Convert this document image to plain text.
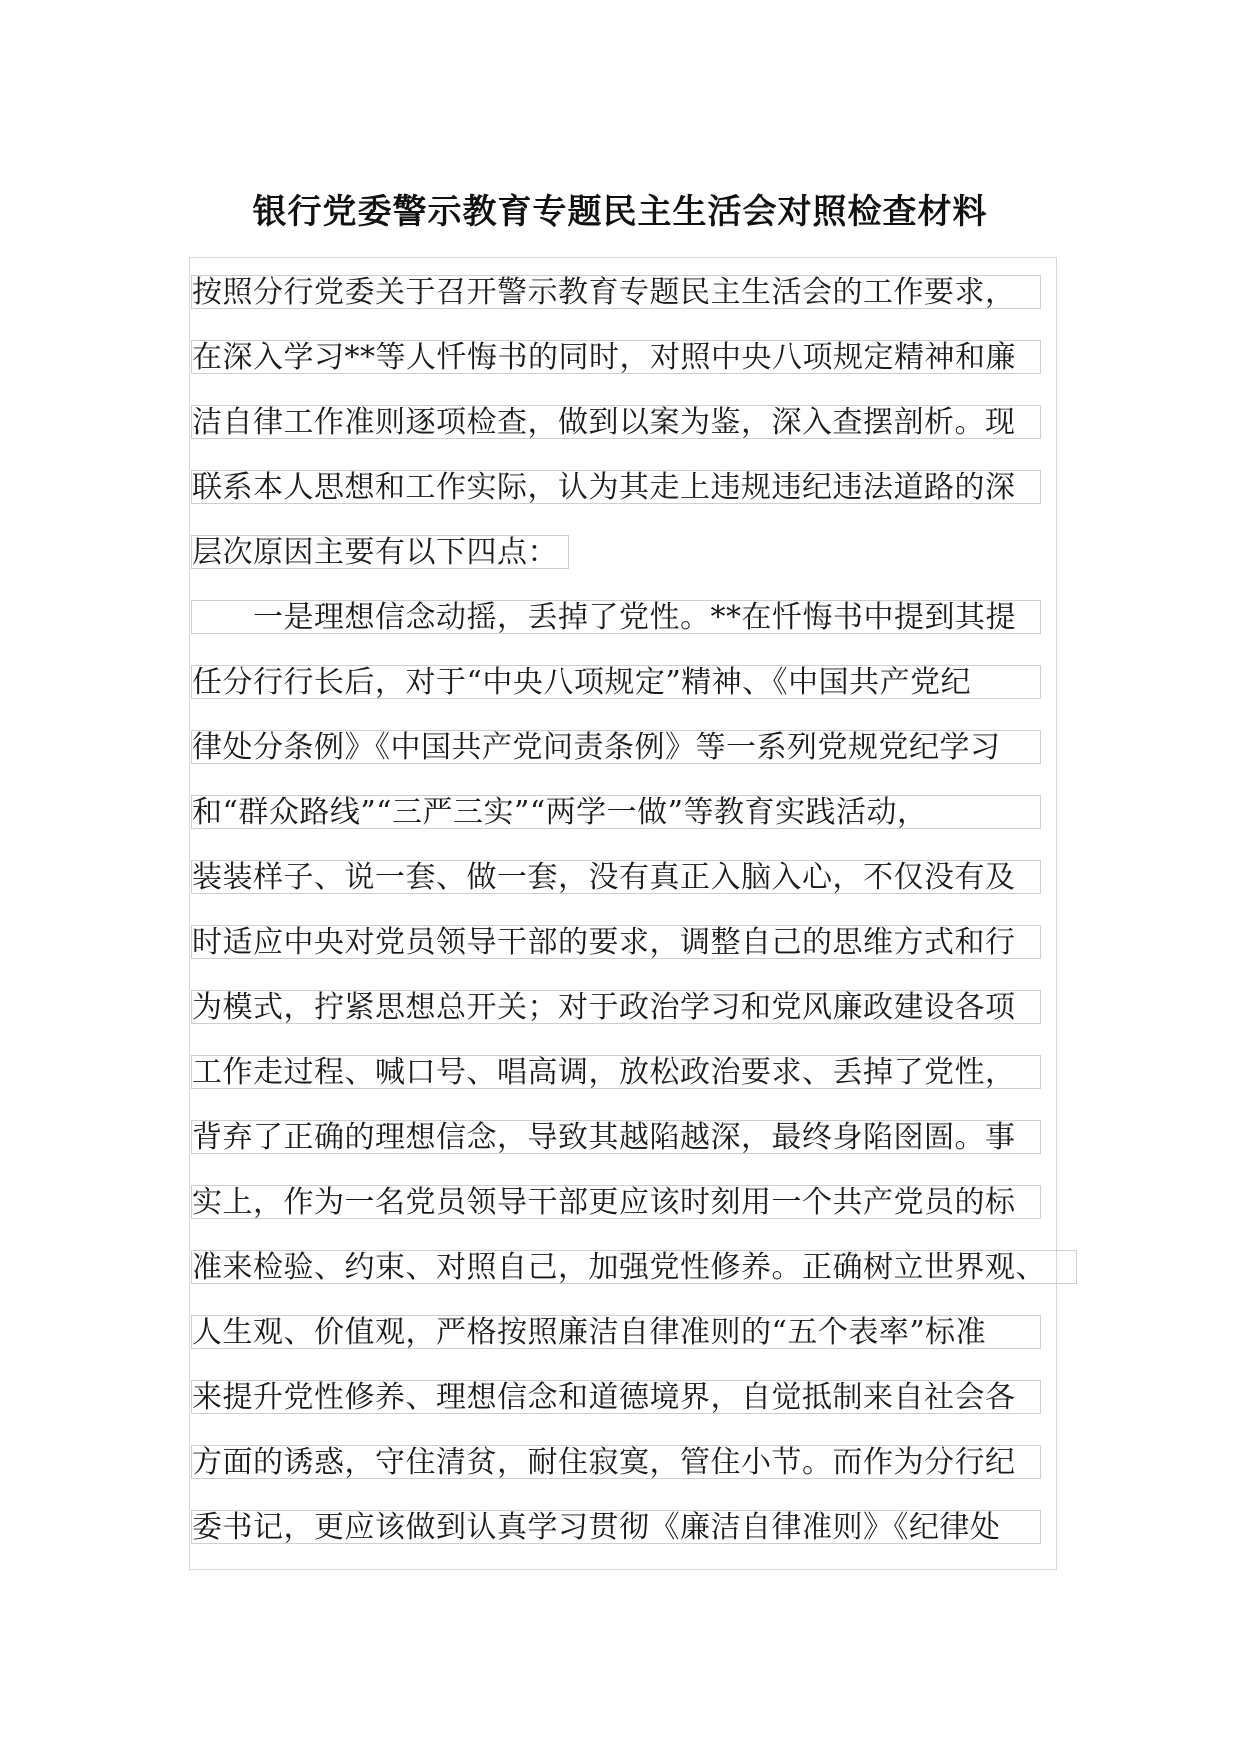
银行党委警示教育专题民主生活会对照检查材料
按照分行党委关于召开警示教育专题民主生活会的工作要求，
在深入学习**等人忏悔书的同时，对照中央八项规定精神和廉
洁自律工作准则逐项检查，做到以案为鉴，深入查摆剖析。现
联系本人思想和工作实际，认为其走上违规违纪违法道路的深
层次原因主要有以下四点：
　　一是理想信念动摇，丢掉了党性。**在忏悔书中提到其提
任分行行长后，对于“中央八项规定”精神、《中国共产党纪
律处分条例》《中国共产党问责条例》等一系列党规党纪学习
和“群众路线”“三严三实”“两学一做”等教育实践活动，
装装样子、说一套、做一套，没有真正入脑入心，不仅没有及
时适应中央对党员领导干部的要求，调整自己的思维方式和行
为模式，拧紧思想总开关；对于政治学习和党风廉政建设各项
工作走过程、喊口号、唱高调，放松政治要求、丢掉了党性，
背弃了正确的理想信念，导致其越陷越深，最终身陷囹圄。事
实上，作为一名党员领导干部更应该时刻用一个共产党员的标
准来检验、约束、对照自己，加强党性修养。正确树立世界观、
人生观、价值观，严格按照廉洁自律准则的“五个表率”标准
来提升党性修养、理想信念和道德境界，自觉抵制来自社会各
方面的诱惑，守住清贫，耐住寂寞，管住小节。而作为分行纪
委书记，更应该做到认真学习贯彻《廉洁自律准则》《纪律处
